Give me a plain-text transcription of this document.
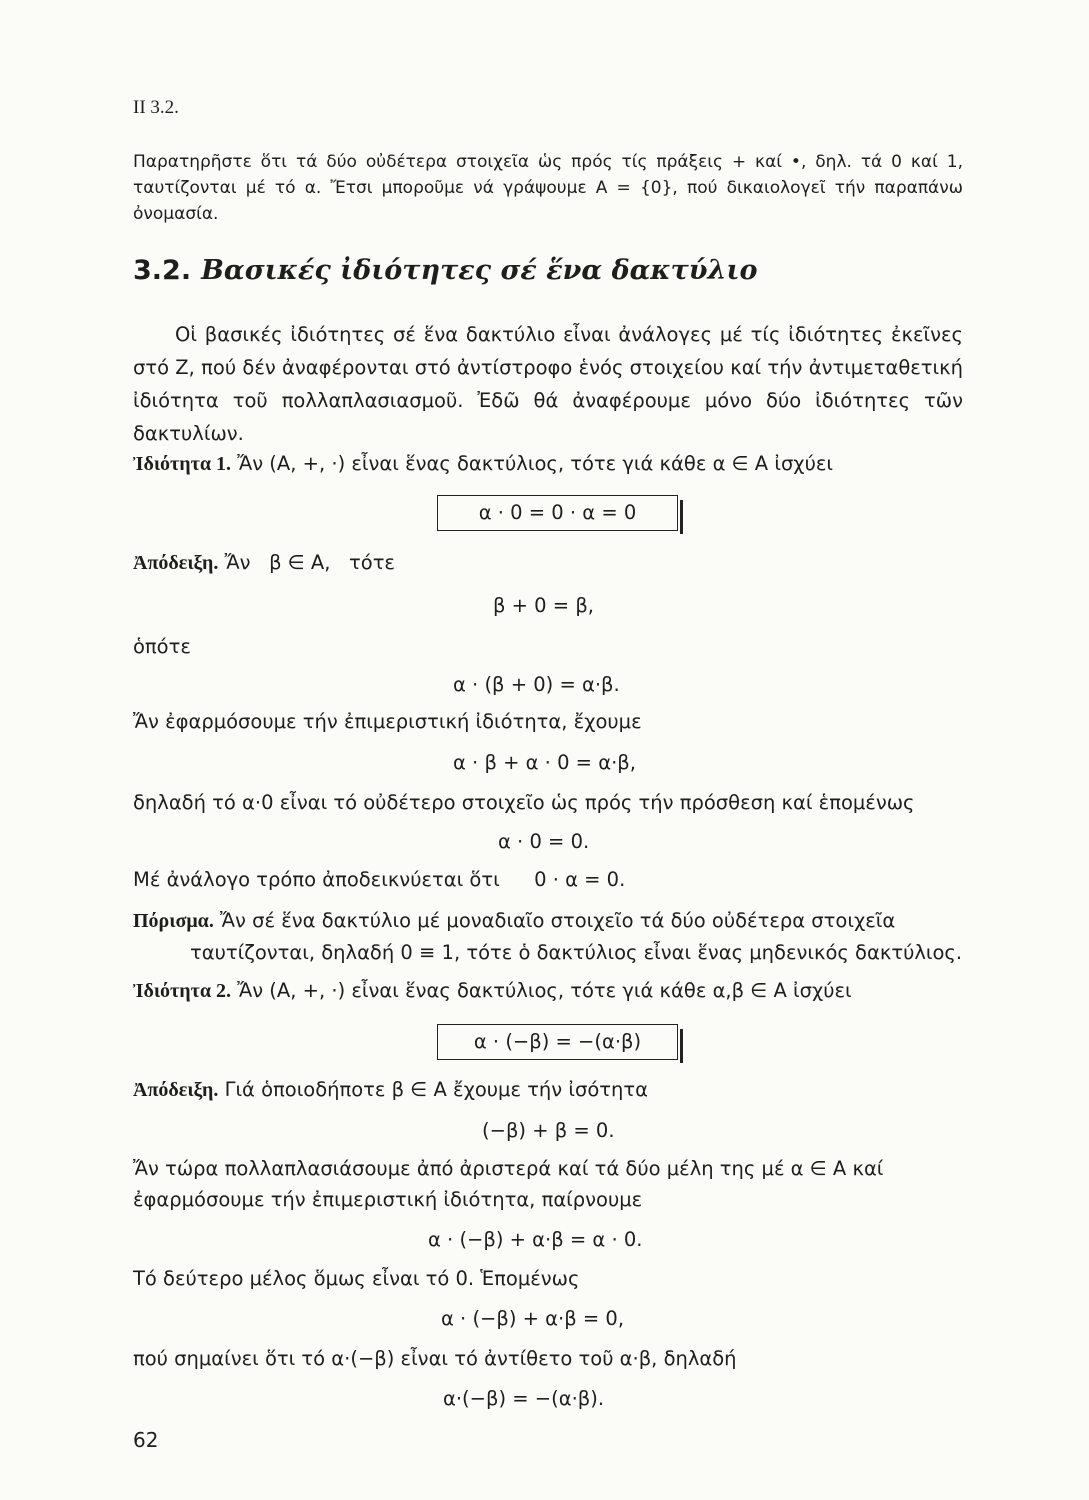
II 3.2.
Παρατηρῆστε ὅτι τά δύο οὐδέτερα στοιχεῖα ὡς πρός τίς πράξεις + καί •, δηλ. τά 0 καί 1, ταυτίζονται μέ τό α. Ἔτσι μποροῦμε νά γράψουμε A = {0}, πού δικαιολογεῖ τήν παραπάνω ὀνομασία.
3.2. Βασικές ἰδιότητες σέ ἕνα δακτύλιο
Οἱ βασικές ἰδιότητες σέ ἕνα δακτύλιο εἶναι ἀνάλογες μέ τίς ἰδιότητες ἐκεῖνες στό Z, πού δέν ἀναφέρονται στό ἀντίστροφο ἑνός στοιχείου καί τήν ἀντιμεταθετική ἰδιότητα τοῦ πολλαπλασιασμοῦ. Ἐδῶ θά ἀναφέρουμε μόνο δύο ἰδιότητες τῶν δακτυλίων.
Ἰδιότητα 1. Ἄν (A, +, ·) εἶναι ἕνας δακτύλιος, τότε γιά κάθε α ∈ A ἰσχύει
α · 0 = 0 · α = 0
Ἀπόδειξη. Ἄν   β ∈ A,   τότε
β + 0 = β,
ὁπότε
α · (β + 0) = α·β.
Ἄν ἐφαρμόσουμε τήν ἐπιμεριστική ἰδιότητα, ἔχουμε
α · β + α · 0 = α·β,
δηλαδή τό α·0 εἶναι τό οὐδέτερο στοιχεῖο ὡς πρός τήν πρόσθεση καί ἑπομένως
α · 0 = 0.
Μέ ἀνάλογο τρόπο ἀποδεικνύεται ὅτι 0 · α = 0.
Πόρισμα. Ἄν σέ ἕνα δακτύλιο μέ μοναδιαῖο στοιχεῖο τά δύο οὐδέτερα στοιχεῖα
ταυτίζονται, δηλαδή 0 ≡ 1, τότε ὁ δακτύλιος εἶναι ἕνας μηδενικός δακτύλιος.
Ἰδιότητα 2. Ἄν (A, +, ·) εἶναι ἕνας δακτύλιος, τότε γιά κάθε α,β ∈ A ἰσχύει
α · (−β) = −(α·β)
Ἀπόδειξη. Γιά ὁποιοδήποτε β ∈ A ἔχουμε τήν ἰσότητα
(−β) + β = 0.
Ἄν τώρα πολλαπλασιάσουμε ἀπό ἀριστερά καί τά δύο μέλη της μέ α ∈ A καί
ἐφαρμόσουμε τήν ἐπιμεριστική ἰδιότητα, παίρνουμε
α · (−β) + α·β = α · 0.
Τό δεύτερο μέλος ὅμως εἶναι τό 0. Ἑπομένως
α · (−β) + α·β = 0,
πού σημαίνει ὅτι τό α·(−β) εἶναι τό ἀντίθετο τοῦ α·β, δηλαδή
α·(−β) = −(α·β).
62
